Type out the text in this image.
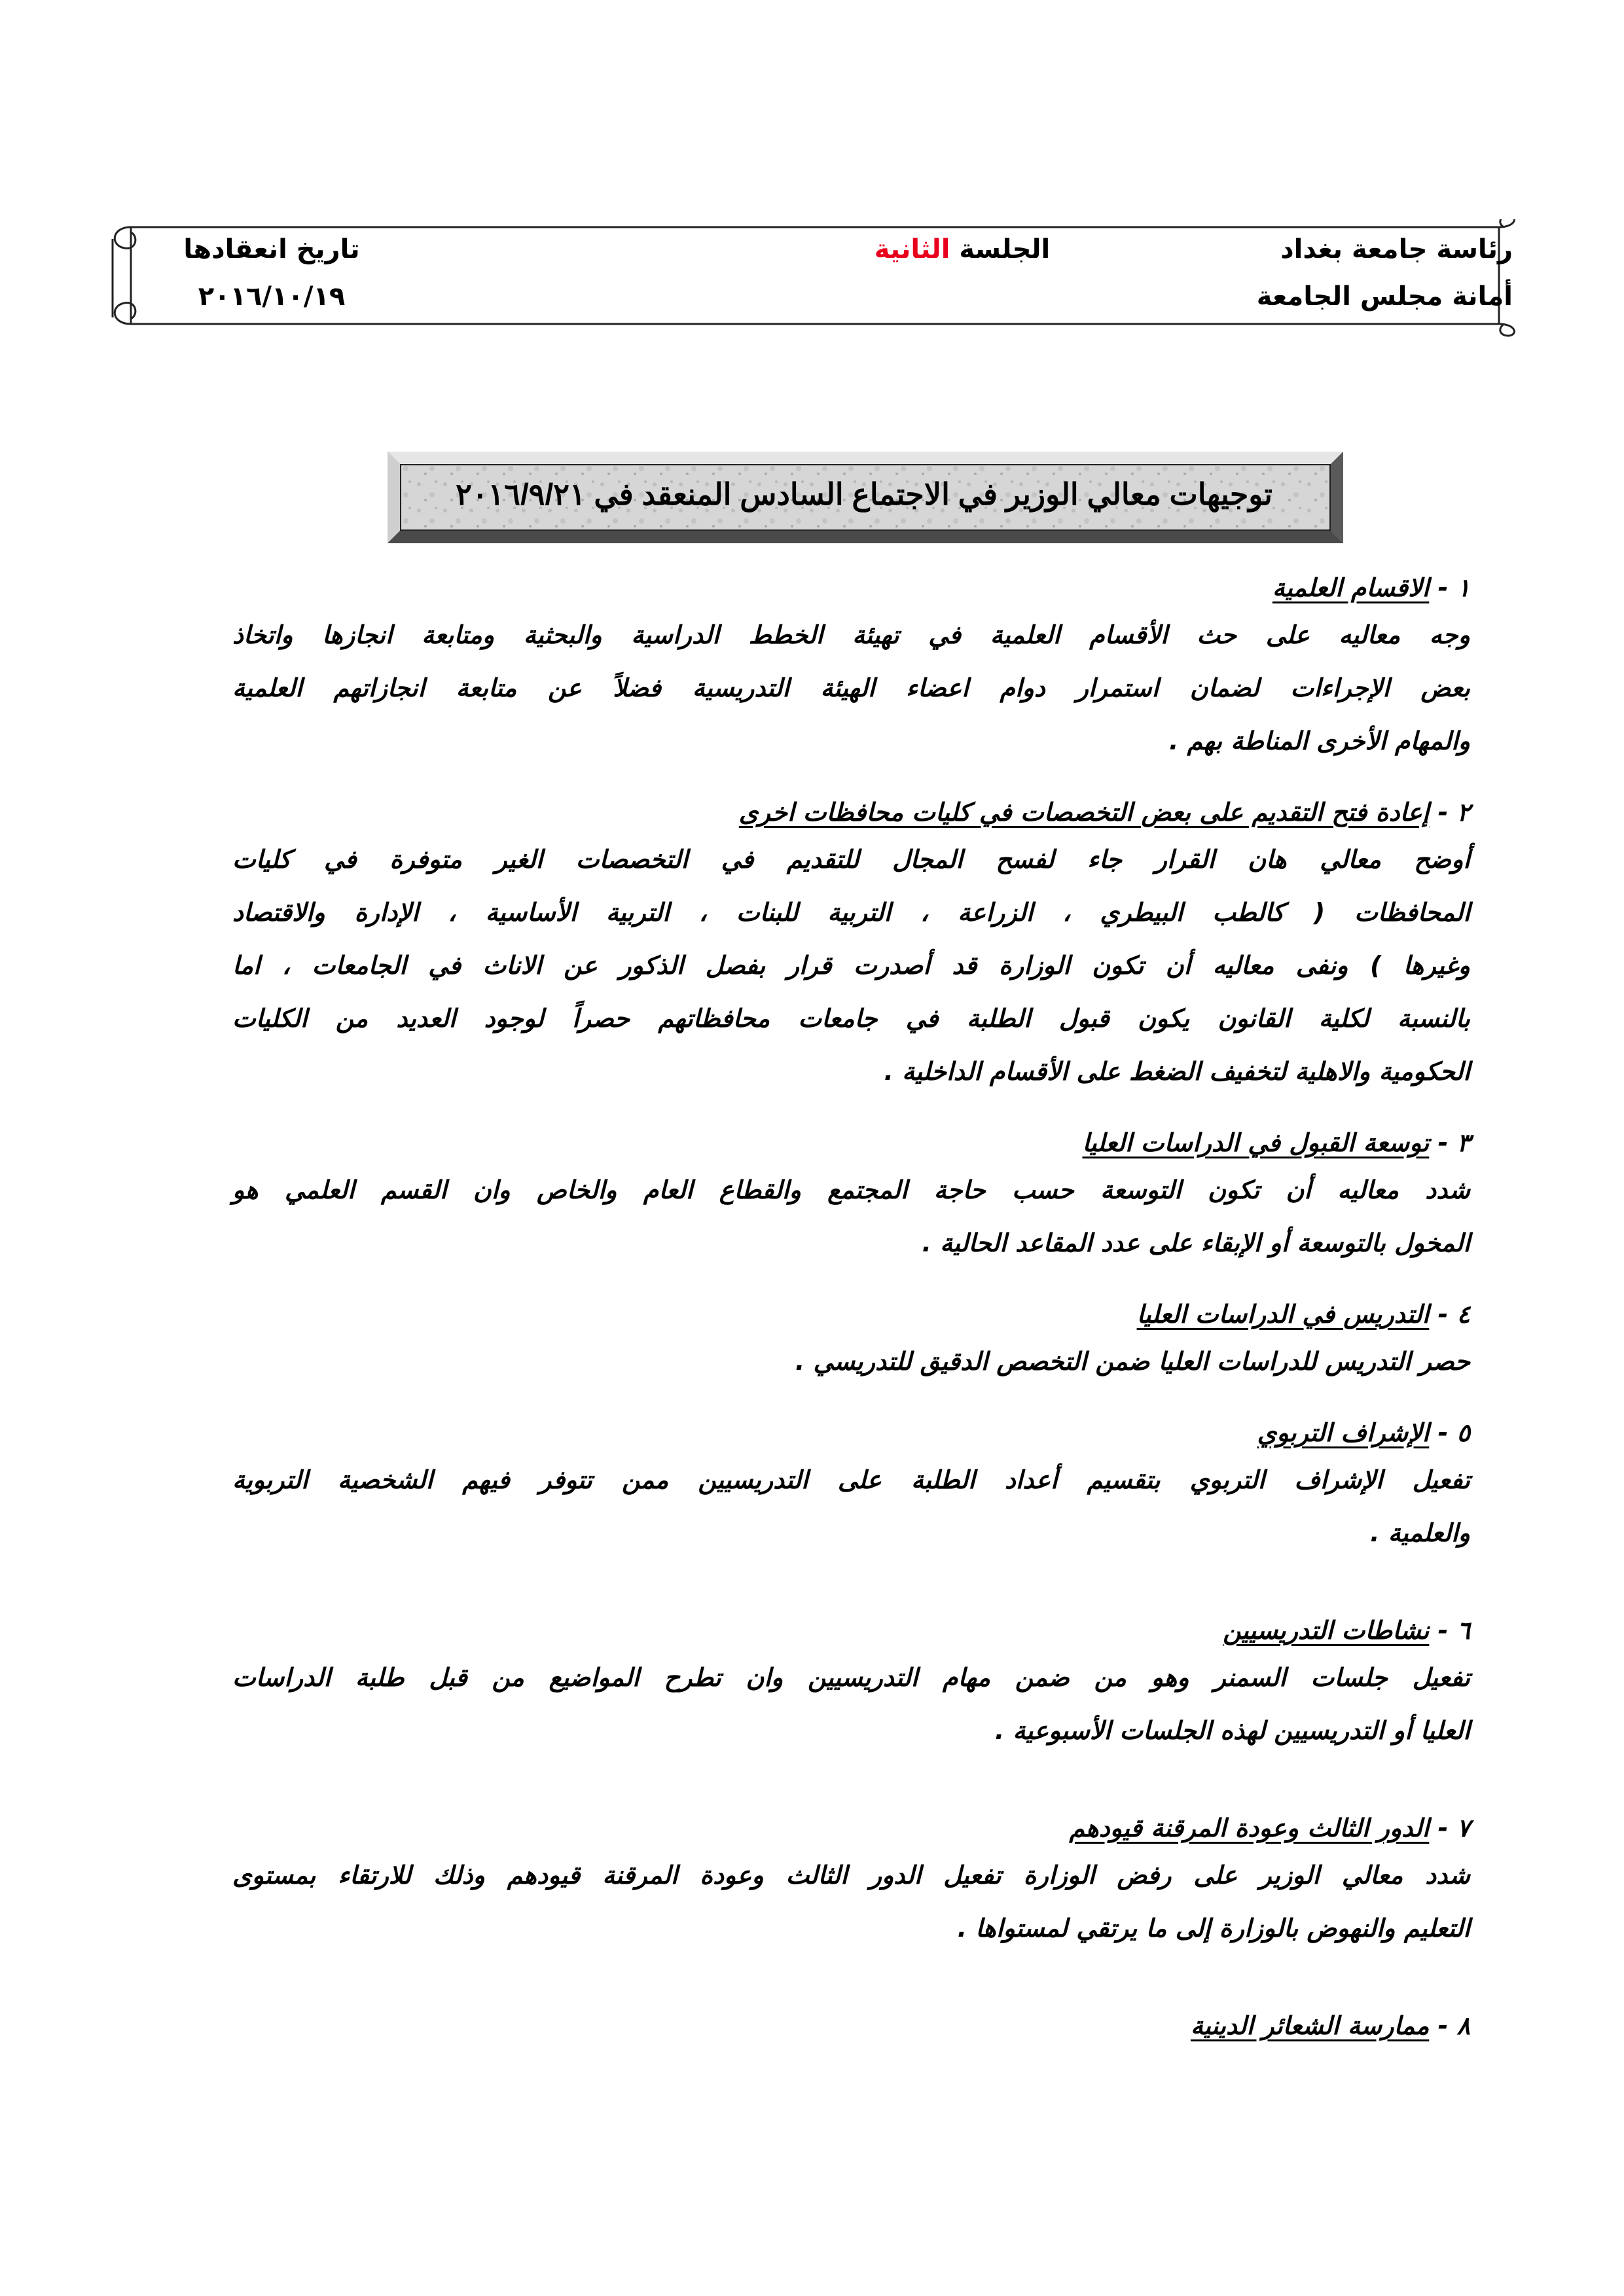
رئاسة جامعة بغداد
أمانة مجلس الجامعة
الجلسة الثانية
تاريخ انعقادها
٢٠١٦/١٠/١٩
توجيهات معالي الوزير في الاجتماع السادس المنعقد في ٢٠١٦/٩/٢١
١ - الاقسام العلمية
وجه معاليه على حث الأقسام العلمية في تهيئة الخطط الدراسية والبحثية ومتابعة انجازها واتخاذ
بعض الإجراءات لضمان استمرار دوام اعضاء الهيئة التدريسية فضلاً عن متابعة انجازاتهم العلمية
والمهام الأخرى المناطة بهم .
٢ - إعادة فتح التقديم على بعض التخصصات في كليات محافظات اخرى
أوضح معالي هان القرار جاء لفسح المجال للتقديم في التخصصات الغير متوفرة في كليات
المحافظات ( كالطب البيطري ، الزراعة ، التربية للبنات ، التربية الأساسية ، الإدارة والاقتصاد
وغيرها ) ونفى معاليه أن تكون الوزارة قد أصدرت قرار بفصل الذكور عن الاناث في الجامعات ، اما
بالنسبة لكلية القانون يكون قبول الطلبة في جامعات محافظاتهم حصراً لوجود العديد من الكليات
الحكومية والاهلية لتخفيف الضغط على الأقسام الداخلية .
٣ - توسعة القبول في الدراسات العليا
شدد معاليه أن تكون التوسعة حسب حاجة المجتمع والقطاع العام والخاص وان القسم العلمي هو
المخول بالتوسعة أو الإبقاء على عدد المقاعد الحالية .
٤ - التدريس في الدراسات العليا
حصر التدريس للدراسات العليا ضمن التخصص الدقيق للتدريسي .
٥ - الإشراف التربوي
تفعيل الإشراف التربوي بتقسيم أعداد الطلبة على التدريسيين ممن تتوفر فيهم الشخصية التربوية
والعلمية .
٦ - نشاطات التدريسيين
تفعيل جلسات السمنر وهو من ضمن مهام التدريسيين وان تطرح المواضيع من قبل طلبة الدراسات
العليا أو التدريسيين لهذه الجلسات الأسبوعية .
٧ - الدور الثالث وعودة المرقنة قيودهم
شدد معالي الوزير على رفض الوزارة تفعيل الدور الثالث وعودة المرقنة قيودهم وذلك للارتقاء بمستوى
التعليم والنهوض بالوزارة إلى ما يرتقي لمستواها .
٨ - ممارسة الشعائر الدينية
